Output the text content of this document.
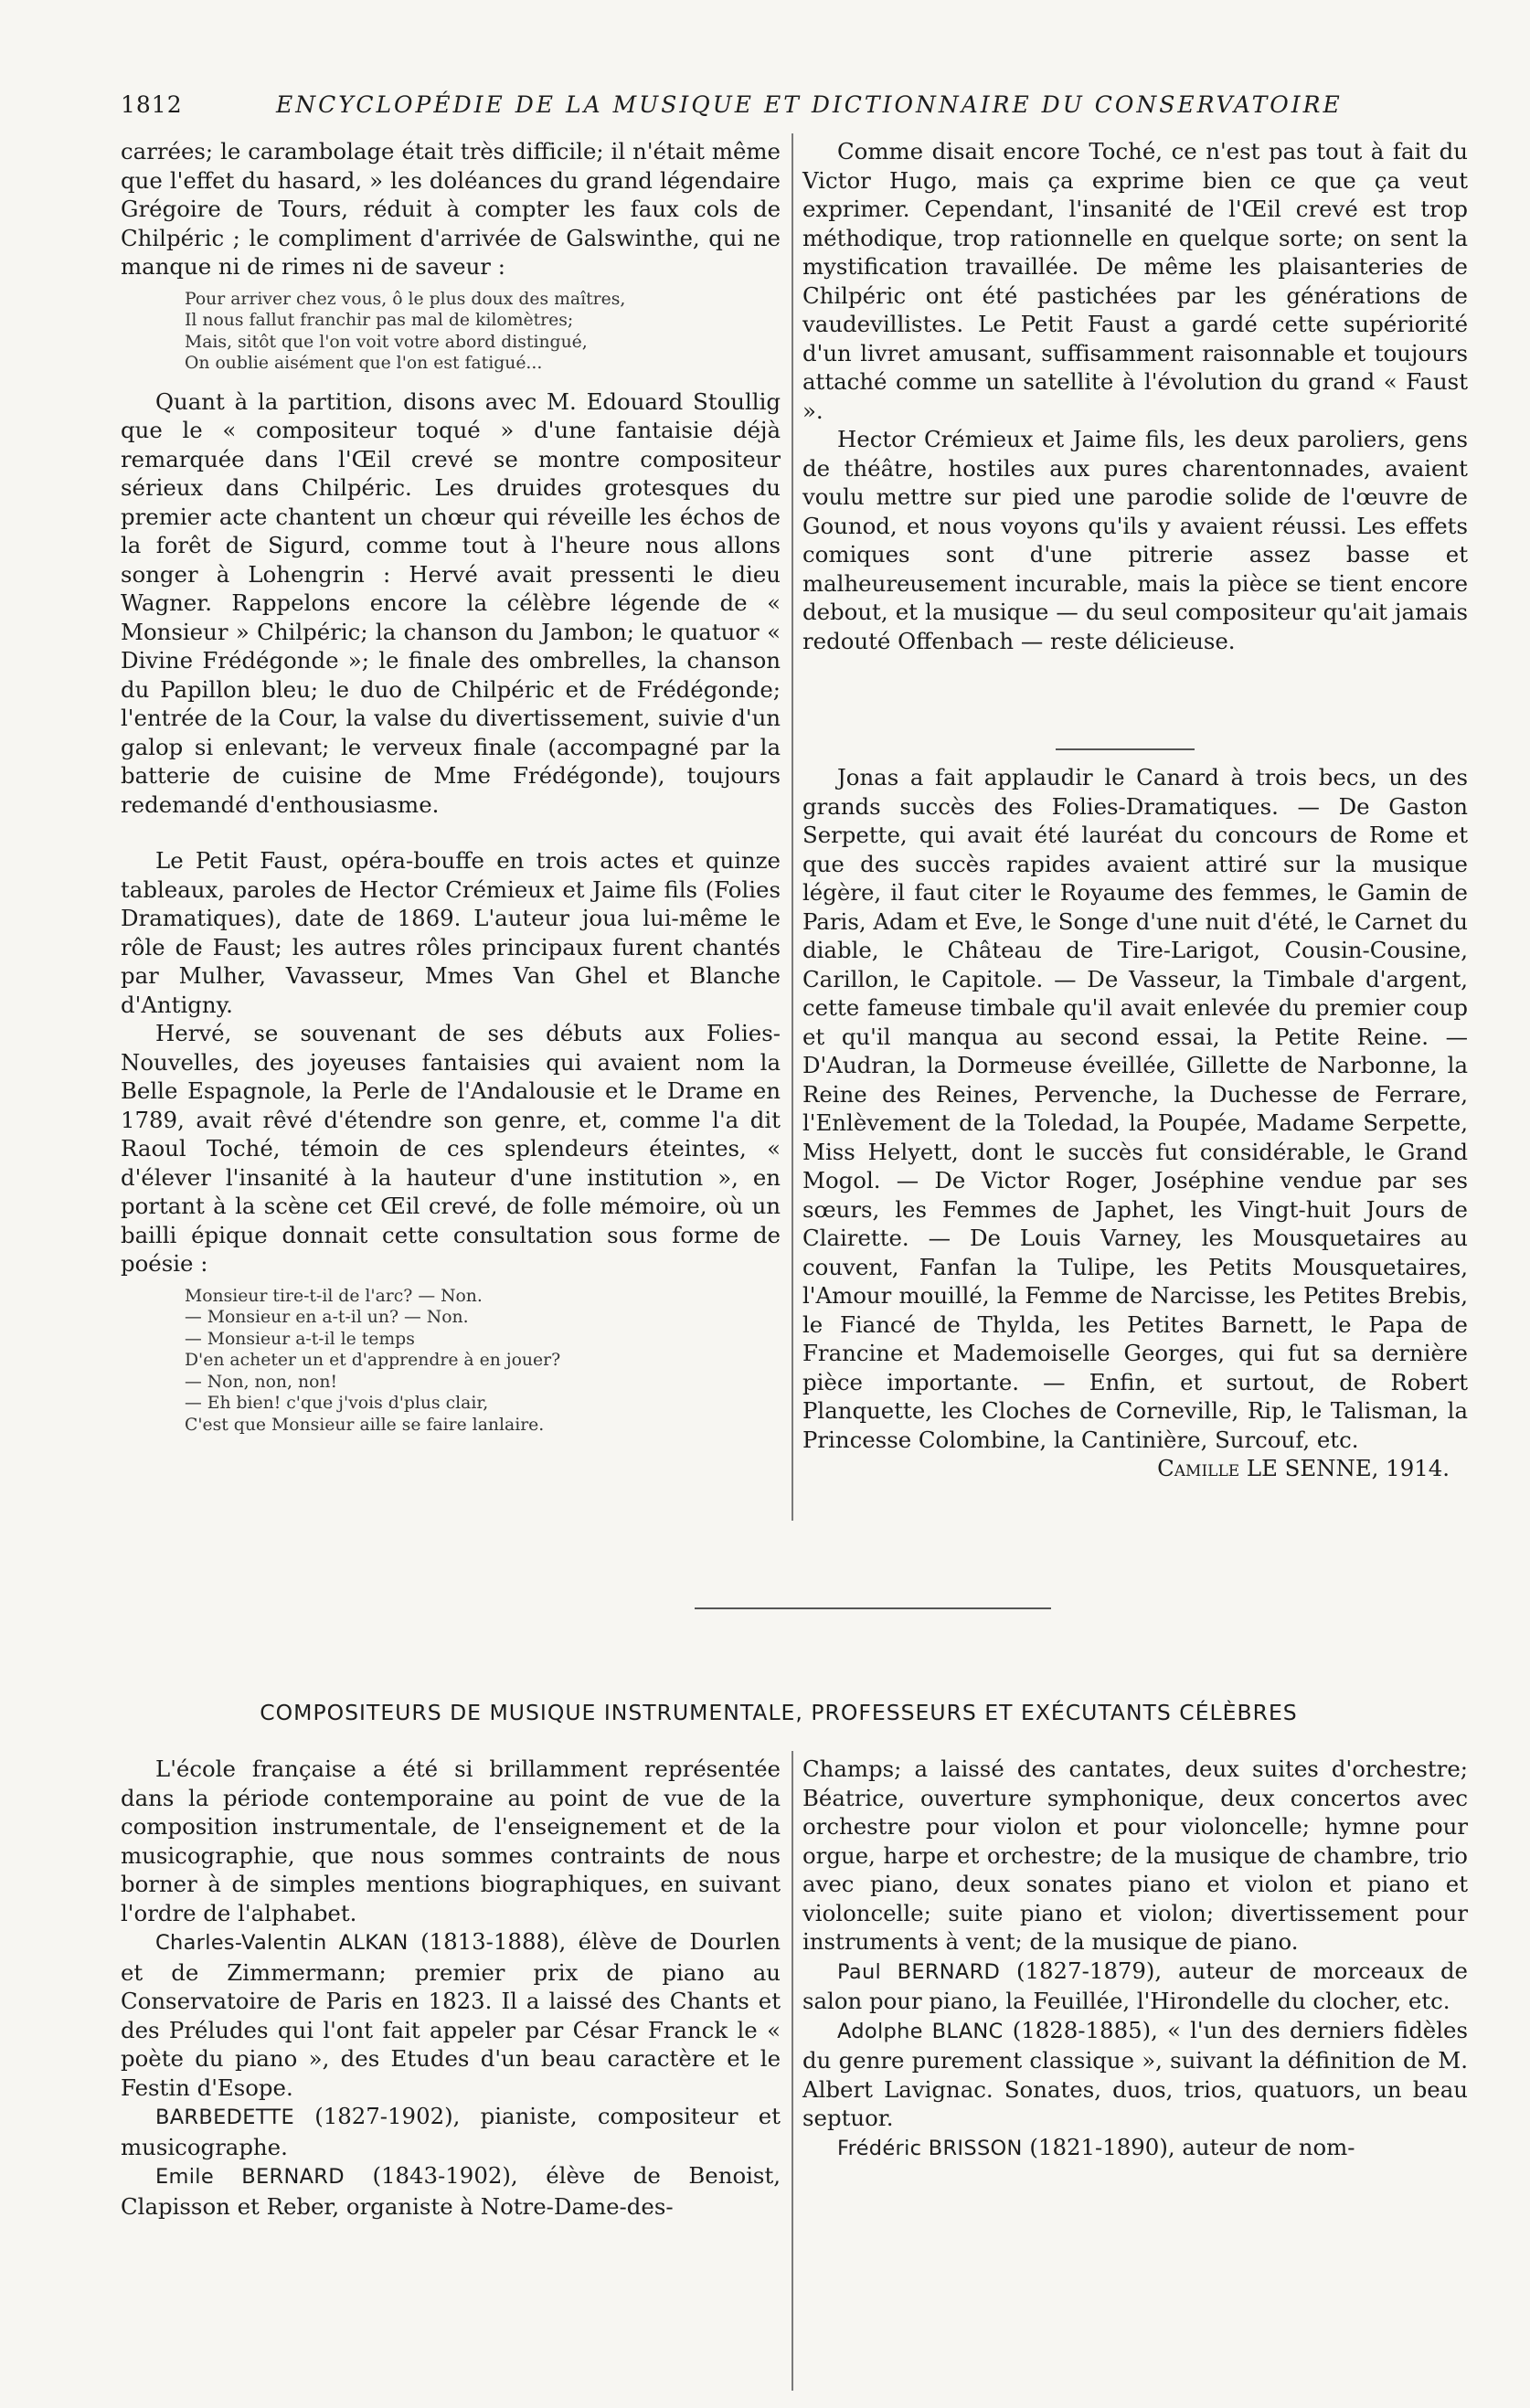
1812	ENCYCLOPÉDIE DE LA MUSIQUE ET DICTIONNAIRE DU CONSERVATOIRE

carrées; le carambolage était très difficile; il n'était même que l'effet du hasard, » les doléances du grand légendaire Grégoire de Tours, réduit à compter les faux cols de Chilpéric ; le compliment d'arrivée de Galswinthe, qui ne manque ni de rimes ni de saveur :

Pour arriver chez vous, ô le plus doux des maîtres,
Il nous fallut franchir pas mal de kilomètres;
Mais, sitôt que l'on voit votre abord distingué,
On oublie aisément que l'on est fatigué...

Quant à la partition, disons avec M. Edouard Stoullig que le « compositeur toqué » d'une fantaisie déjà remarquée dans l'Œil crevé se montre compositeur sérieux dans Chilpéric. Les druides grotesques du premier acte chantent un chœur qui réveille les échos de la forêt de Sigurd, comme tout à l'heure nous allons songer à Lohengrin : Hervé avait pressenti le dieu Wagner. Rappelons encore la célèbre légende de « Monsieur » Chilpéric; la chanson du Jambon; le quatuor « Divine Frédégonde »; le finale des ombrelles, la chanson du Papillon bleu; le duo de Chilpéric et de Frédégonde; l'entrée de la Cour, la valse du divertissement, suivie d'un galop si enlevant; le verveux finale (accompagné par la batterie de cuisine de Mme Frédégonde), toujours redemandé d'enthousiasme.

Le Petit Faust, opéra-bouffe en trois actes et quinze tableaux, paroles de Hector Crémieux et Jaime fils (Folies Dramatiques), date de 1869. L'auteur joua lui-même le rôle de Faust; les autres rôles principaux furent chantés par Mulher, Vavasseur, Mmes Van Ghel et Blanche d'Antigny.

Hervé, se souvenant de ses débuts aux Folies-Nouvelles, des joyeuses fantaisies qui avaient nom la Belle Espagnole, la Perle de l'Andalousie et le Drame en 1789, avait rêvé d'étendre son genre, et, comme l'a dit Raoul Toché, témoin de ces splendeurs éteintes, « d'élever l'insanité à la hauteur d'une institution », en portant à la scène cet Œil crevé, de folle mémoire, où un bailli épique donnait cette consultation sous forme de poésie :

Monsieur tire-t-il de l'arc? — Non.
— Monsieur en a-t-il un? — Non.
— Monsieur a-t-il le temps
D'en acheter un et d'apprendre à en jouer?
— Non, non, non!
— Eh bien! c'que j'vois d'plus clair,
C'est que Monsieur aille se faire lanlaire.

Comme disait encore Toché, ce n'est pas tout à fait du Victor Hugo, mais ça exprime bien ce que ça veut exprimer. Cependant, l'insanité de l'Œil crevé est trop méthodique, trop rationnelle en quelque sorte; on sent la mystification travaillée. De même les plaisanteries de Chilpéric ont été pastichées par les générations de vaudevillistes. Le Petit Faust a gardé cette supériorité d'un livret amusant, suffisamment raisonnable et toujours attaché comme un satellite à l'évolution du grand « Faust ».

Hector Crémieux et Jaime fils, les deux paroliers, gens de théâtre, hostiles aux pures charentonnades, avaient voulu mettre sur pied une parodie solide de l'œuvre de Gounod, et nous voyons qu'ils y avaient réussi. Les effets comiques sont d'une pitrerie assez basse et malheureusement incurable, mais la pièce se tient encore debout, et la musique — du seul compositeur qu'ait jamais redouté Offenbach — reste délicieuse.

Jonas a fait applaudir le Canard à trois becs, un des grands succès des Folies-Dramatiques. — De Gaston Serpette, qui avait été lauréat du concours de Rome et que des succès rapides avaient attiré sur la musique légère, il faut citer le Royaume des femmes, le Gamin de Paris, Adam et Eve, le Songe d'une nuit d'été, le Carnet du diable, le Château de Tire-Larigot, Cousin-Cousine, Carillon, le Capitole. — De Vasseur, la Timbale d'argent, cette fameuse timbale qu'il avait enlevée du premier coup et qu'il manqua au second essai, la Petite Reine. — D'Audran, la Dormeuse éveillée, Gillette de Narbonne, la Reine des Reines, Pervenche, la Duchesse de Ferrare, l'Enlèvement de la Toledad, la Poupée, Madame Serpette, Miss Helyett, dont le succès fut considérable, le Grand Mogol. — De Victor Roger, Joséphine vendue par ses sœurs, les Femmes de Japhet, les Vingt-huit Jours de Clairette. — De Louis Varney, les Mousquetaires au couvent, Fanfan la Tulipe, les Petits Mousquetaires, l'Amour mouillé, la Femme de Narcisse, les Petites Brebis, le Fiancé de Thylda, les Petites Barnett, le Papa de Francine et Mademoiselle Georges, qui fut sa dernière pièce importante. — Enfin, et surtout, de Robert Planquette, les Cloches de Corneville, Rip, le Talisman, la Princesse Colombine, la Cantinière, Surcouf, etc.

Camille LE SENNE, 1914.
COMPOSITEURS DE MUSIQUE INSTRUMENTALE, PROFESSEURS ET EXÉCUTANTS CÉLÈBRES

L'école française a été si brillamment représentée dans la période contemporaine au point de vue de la composition instrumentale, de l'enseignement et de la musicographie, que nous sommes contraints de nous borner à de simples mentions biographiques, en suivant l'ordre de l'alphabet.

Charles-Valentin ALKAN (1813-1888), élève de Dourlen et de Zimmermann; premier prix de piano au Conservatoire de Paris en 1823. Il a laissé des Chants et des Préludes qui l'ont fait appeler par César Franck le « poète du piano », des Etudes d'un beau caractère et le Festin d'Esope.

BARBEDETTE (1827-1902), pianiste, compositeur et musicographe.

Emile BERNARD (1843-1902), élève de Benoist, Clapisson et Reber, organiste à Notre-Dame-des-

Champs; a laissé des cantates, deux suites d'orchestre; Béatrice, ouverture symphonique, deux concertos avec orchestre pour violon et pour violoncelle; hymne pour orgue, harpe et orchestre; de la musique de chambre, trio avec piano, deux sonates piano et violon et piano et violoncelle; suite piano et violon; divertissement pour instruments à vent; de la musique de piano.

Paul BERNARD (1827-1879), auteur de morceaux de salon pour piano, la Feuillée, l'Hirondelle du clocher, etc.

Adolphe BLANC (1828-1885), « l'un des derniers fidèles du genre purement classique », suivant la définition de M. Albert Lavignac. Sonates, duos, trios, quatuors, un beau septuor.

Frédéric BRISSON (1821-1890), auteur de nom-
